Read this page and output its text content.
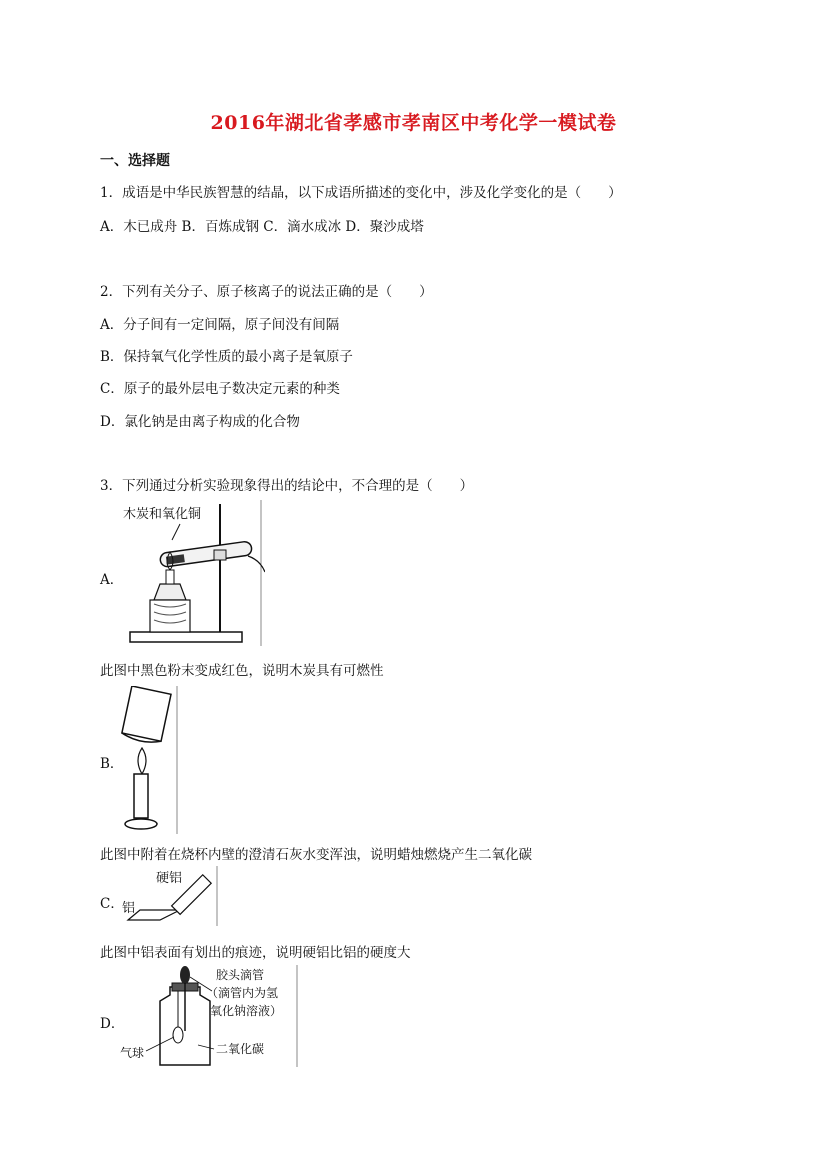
2016年湖北省孝感市孝南区中考化学一模试卷
一、选择题
1．成语是中华民族智慧的结晶，以下成语所描述的变化中，涉及化学变化的是（　　）
A．木已成舟 B．百炼成钢 C．滴水成冰 D．聚沙成塔
2．下列有关分子、原子核离子的说法正确的是（　　）
A．分子间有一定间隔，原子间没有间隔
B．保持氧气化学性质的最小离子是氧原子
C．原子的最外层电子数决定元素的种类
D．氯化钠是由离子构成的化合物
3．下列通过分析实验现象得出的结论中，不合理的是（　　）
A．
木炭和氧化铜
此图中黑色粉末变成红色，说明木炭具有可燃性
B．
此图中附着在烧杯内壁的澄清石灰水变浑浊，说明蜡烛燃烧产生二氧化碳
C．
硬铝
铝
此图中铝表面有划出的痕迹，说明硬铝比铝的硬度大
D．
胶头滴管
（滴管内为氢
氧化钠溶液）
二氧化碳
气球
